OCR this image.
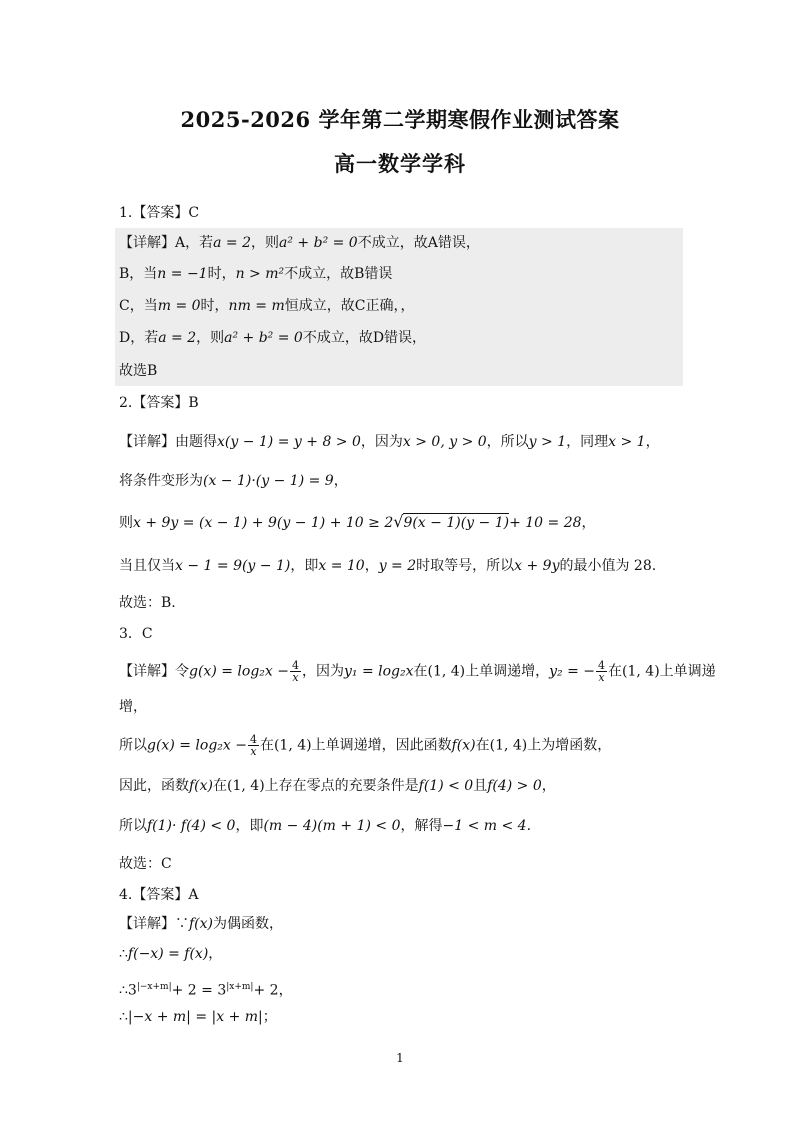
2025-2026 学年第二学期寒假作业测试答案
高一数学学科
1.【答案】C
【详解】A，若a = 2，则a² + b² = 0不成立，故A错误，
B，当n = −1时，n > m²不成立，故B错误
C，当m = 0时，nm = m恒成立，故C正确，，
D，若a = 2，则a² + b² = 0不成立，故D错误，
故选B
2.【答案】B
【详解】由题得x(y − 1) = y + 8 > 0，因为x > 0, y > 0，所以y > 1，同理x > 1，
将条件变形为(x − 1)·(y − 1) = 9，
则x + 9y = (x − 1) + 9(y − 1) + 10 ≥ 2√9(x − 1)(y − 1)+ 10 = 28，
当且仅当x − 1 = 9(y − 1)，即x = 10，y = 2时取等号，所以x + 9y的最小值为 28.
故选：B.
3．C
【详解】令$g(x) = \log_2x - \frac{4}{x}$ ，因为y₁ = log₂x在(1, 4)上单调递增，y₂ = − $\frac{4}{x}$ 在(1, 4)上单调递
增，
所以$g(x) = \log_2x - \frac{4}{x}$ 在(1, 4)上单调递增，因此函数f(x)在(1, 4)上为增函数，
因此，函数f(x)在(1, 4)上存在零点的充要条件是f(1) < 0且f(4) > 0，
所以f(1)· f(4) < 0，即(m − 4)(m + 1) < 0，解得−1 < m < 4.
故选：C
4.【答案】A
【详解】∵f(x)为偶函数，
∴f(−x) = f(x)，
$\therefore 3^{|-x+m|}+ 2 = 3^{|x+m|}+ 2$，
∴|−x + m| = |x + m|；
1
